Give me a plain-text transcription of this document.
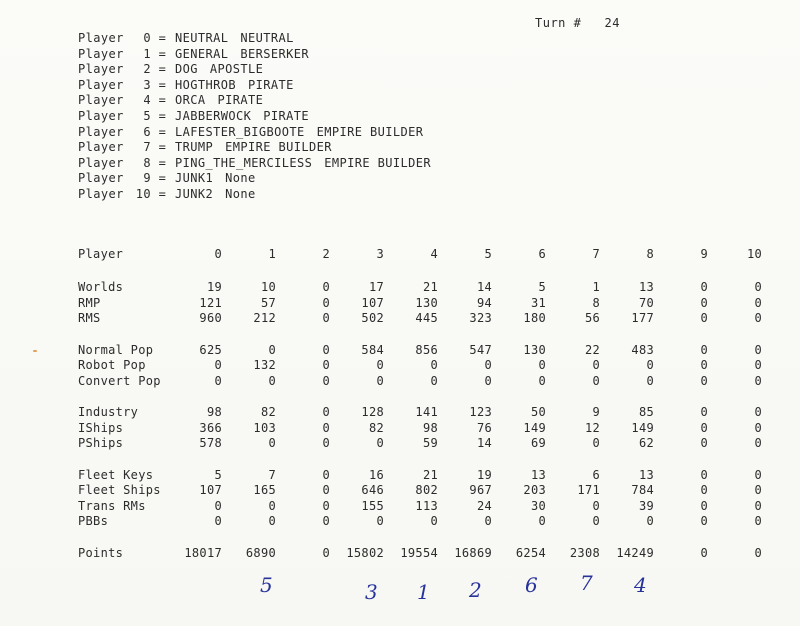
Turn # 24
Player 0 = NEUTRAL NEUTRAL
Player 1 = GENERAL BERSERKER
Player 2 = DOG APOSTLE
Player 3 = HOGTHROB PIRATE
Player 4 = ORCA PIRATE
Player 5 = JABBERWOCK PIRATE
Player 6 = LAFESTER_BIGBOOTE EMPIRE BUILDER
Player 7 = TRUMP EMPIRE BUILDER
Player 8 = PING_THE_MERCILESS EMPIRE BUILDER
Player 9 = JUNK1 None
Player 10 = JUNK2 None
Player	0	1	2	3	4	5	6	7	8	9	10

Worlds	19	10	0	17	21	14	5	1	13	0	0
RMP	121	57	0	107	130	94	31	8	70	0	0
RMS	960	212	0	502	445	323	180	56	177	0	0

Normal Pop	625	0	0	584	856	547	130	22	483	0	0
Robot Pop	0	132	0	0	0	0	0	0	0	0	0
Convert Pop	0	0	0	0	0	0	0	0	0	0	0

Industry	98	82	0	128	141	123	50	9	85	0	0
IShips	366	103	0	82	98	76	149	12	149	0	0
PShips	578	0	0	0	59	14	69	0	62	0	0

Fleet Keys	5	7	0	16	21	19	13	6	13	0	0
Fleet Ships	107	165	0	646	802	967	203	171	784	0	0
Trans RMs	0	0	0	155	113	24	30	0	39	0	0
PBBs	0	0	0	0	0	0	0	0	0	0	0

Points	18017	6890	0	15802	19554	16869	6254	2308	14249	0	0
5	3 1 2 6 7 4
